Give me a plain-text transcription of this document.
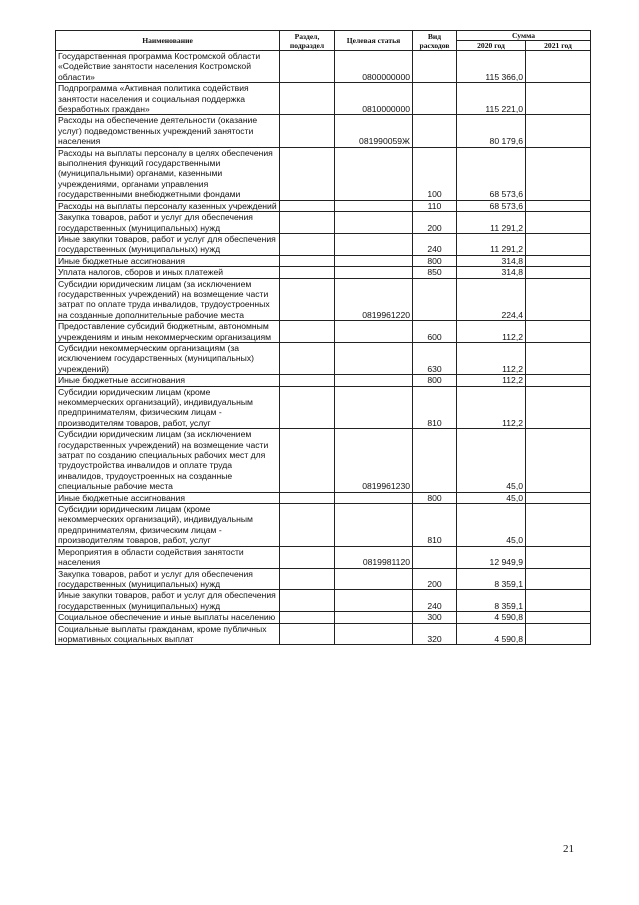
Наименование	Раздел, подраздел	Целевая статья	Вид расходов	Сумма	
				2020 год	2021 год
Государственная программа Костромской области «Содействие занятости населения Костромской области»		0800000000		115 366,0	
Подпрограмма «Активная политика содействия занятости населения и социальная поддержка безработных граждан»		0810000000		115 221,0	
Расходы на обеспечение деятельности (оказание услуг) подведомственных учреждений занятости населения		081990059Ж		80 179,6	
Расходы на выплаты персоналу в целях обеспечения выполнения функций государственными (муниципальными) органами, казенными учреждениями, органами управления государственными внебюджетными фондами			100	68 573,6	
Расходы на выплаты персоналу казенных учреждений			110	68 573,6	
Закупка товаров, работ и услуг для обеспечения государственных (муниципальных) нужд			200	11 291,2	
Иные закупки товаров, работ и услуг для обеспечения государственных (муниципальных) нужд			240	11 291,2	
Иные бюджетные ассигнования			800	314,8	
Уплата налогов, сборов и иных платежей			850	314,8	
Субсидии юридическим лицам (за исключением государственных учреждений) на возмещение части затрат по оплате труда инвалидов, трудоустроенных на созданные дополнительные рабочие места		0819961220		224,4	
Предоставление субсидий бюджетным, автономным учреждениям и иным некоммерческим организациям			600	112,2	
Субсидии некоммерческим организациям (за исключением государственных (муниципальных) учреждений)			630	112,2	
Иные бюджетные ассигнования			800	112,2	
Субсидии юридическим лицам (кроме некоммерческих организаций), индивидуальным предпринимателям, физическим лицам - производителям товаров, работ, услуг			810	112,2	
Субсидии юридическим лицам (за исключением государственных учреждений) на возмещение части затрат по созданию специальных рабочих мест для трудоустройства инвалидов и оплате труда инвалидов, трудоустроенных на созданные специальные рабочие места		0819961230		45,0	
Иные бюджетные ассигнования			800	45,0	
Субсидии юридическим лицам (кроме некоммерческих организаций), индивидуальным предпринимателям, физическим лицам - производителям товаров, работ, услуг			810	45,0	
Мероприятия в области содействия занятости населения		0819981120		12 949,9	
Закупка товаров, работ и услуг для обеспечения государственных (муниципальных) нужд			200	8 359,1	
Иные закупки товаров, работ и услуг для обеспечения государственных (муниципальных) нужд			240	8 359,1	
Социальное обеспечение и иные выплаты населению			300	4 590,8	
Социальные выплаты гражданам, кроме публичных нормативных социальных выплат			320	4 590,8	
21
